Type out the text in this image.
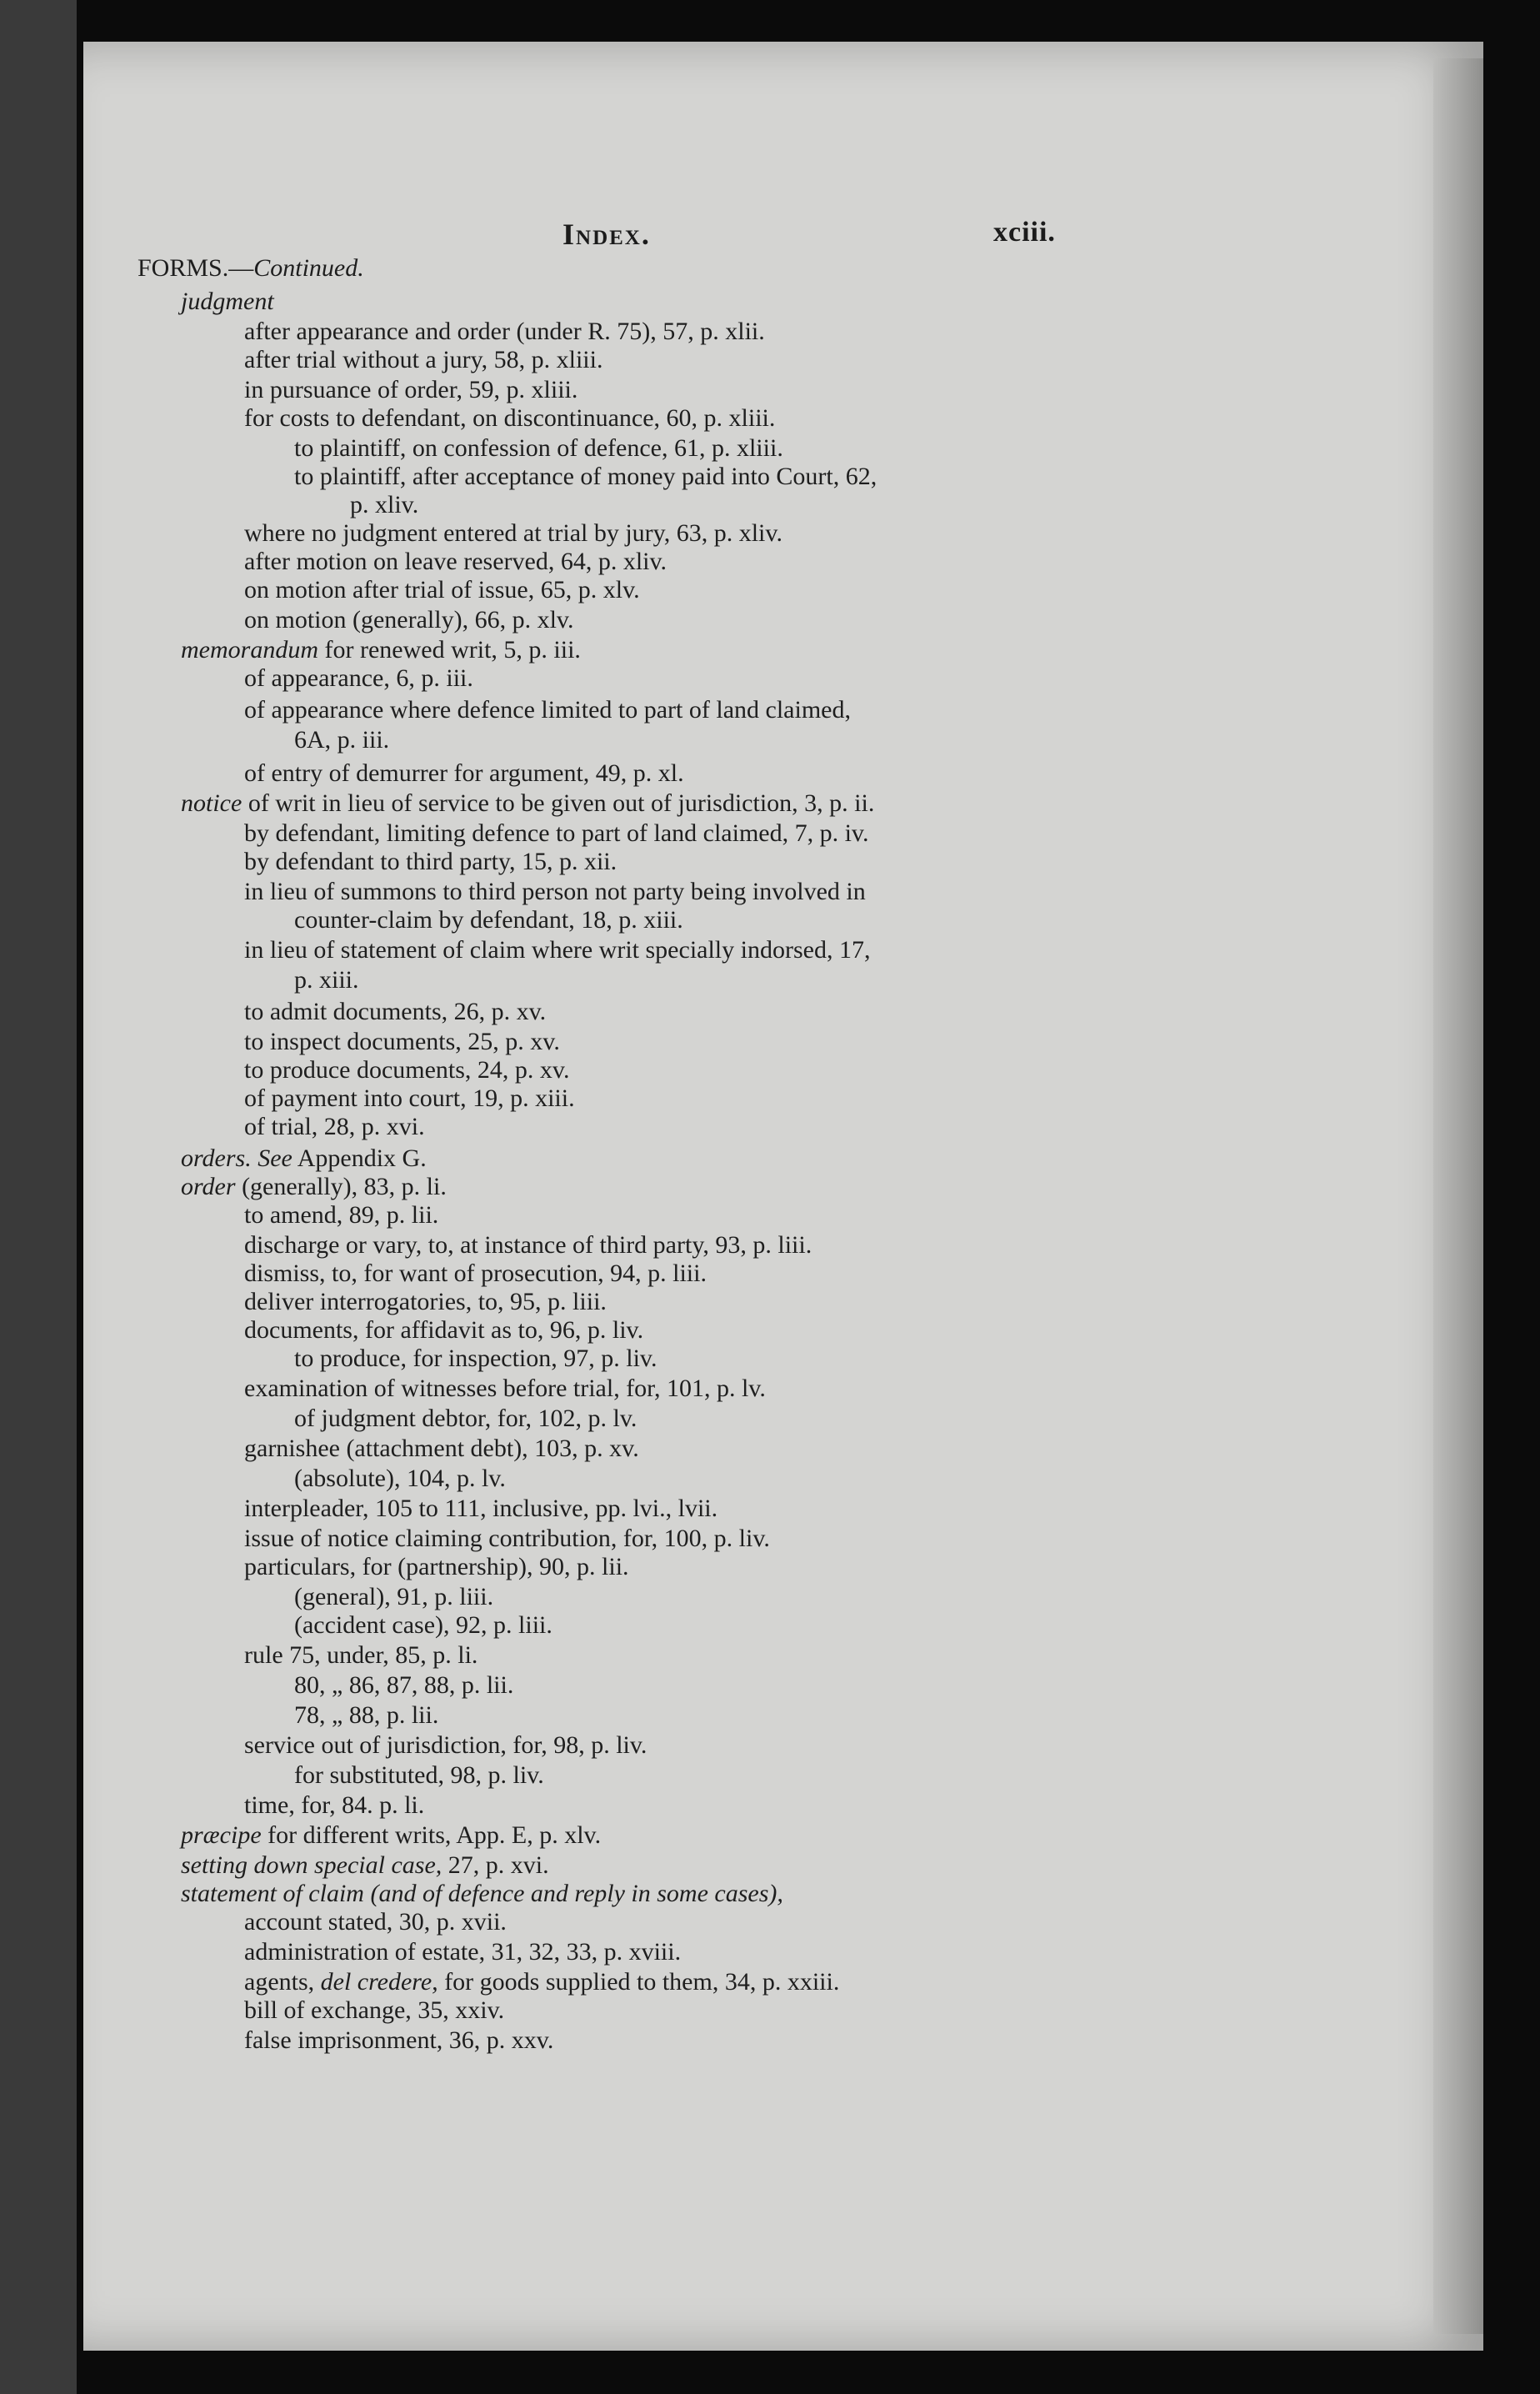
Index.	xciii.
FORMS.—Continued.
judgment
after appearance and order (under R. 75), 57, p. xlii.
after trial without a jury, 58, p. xliii.
in pursuance of order, 59, p. xliii.
for costs to defendant, on discontinuance, 60, p. xliii.
to plaintiff, on confession of defence, 61, p. xliii.
to plaintiff, after acceptance of money paid into Court, 62,
p. xliv.
where no judgment entered at trial by jury, 63, p. xliv.
after motion on leave reserved, 64, p. xliv.
on motion after trial of issue, 65, p. xlv.
on motion (generally), 66, p. xlv.
memorandum for renewed writ, 5, p. iii.
of appearance, 6, p. iii.
of appearance where defence limited to part of land claimed,
6A, p. iii.
of entry of demurrer for argument, 49, p. xl.
notice of writ in lieu of service to be given out of jurisdiction, 3, p. ii.
by defendant, limiting defence to part of land claimed, 7, p. iv.
by defendant to third party, 15, p. xii.
in lieu of summons to third person not party being involved in
counter-claim by defendant, 18, p. xiii.
in lieu of statement of claim where writ specially indorsed, 17,
p. xiii.
to admit documents, 26, p. xv.
to inspect documents, 25, p. xv.
to produce documents, 24, p. xv.
of payment into court, 19, p. xiii.
of trial, 28, p. xvi.
orders. See Appendix G.
order (generally), 83, p. li.
to amend, 89, p. lii.
discharge or vary, to, at instance of third party, 93, p. liii.
dismiss, to, for want of prosecution, 94, p. liii.
deliver interrogatories, to, 95, p. liii.
documents, for affidavit as to, 96, p. liv.
to produce, for inspection, 97, p. liv.
examination of witnesses before trial, for, 101, p. lv.
of judgment debtor, for, 102, p. lv.
garnishee (attachment debt), 103, p. xv.
(absolute), 104, p. lv.
interpleader, 105 to 111, inclusive, pp. lvi., lvii.
issue of notice claiming contribution, for, 100, p. liv.
particulars, for (partnership), 90, p. lii.
(general), 91, p. liii.
(accident case), 92, p. liii.
rule 75, under, 85, p. li.
80, „ 86, 87, 88, p. lii.
78, „ 88, p. lii.
service out of jurisdiction, for, 98, p. liv.
for substituted, 98, p. liv.
time, for, 84. p. li.
præcipe for different writs, App. E, p. xlv.
setting down special case, 27, p. xvi.
statement of claim (and of defence and reply in some cases),
account stated, 30, p. xvii.
administration of estate, 31, 32, 33, p. xviii.
agents, del credere, for goods supplied to them, 34, p. xxiii.
bill of exchange, 35, xxiv.
false imprisonment, 36, p. xxv.
